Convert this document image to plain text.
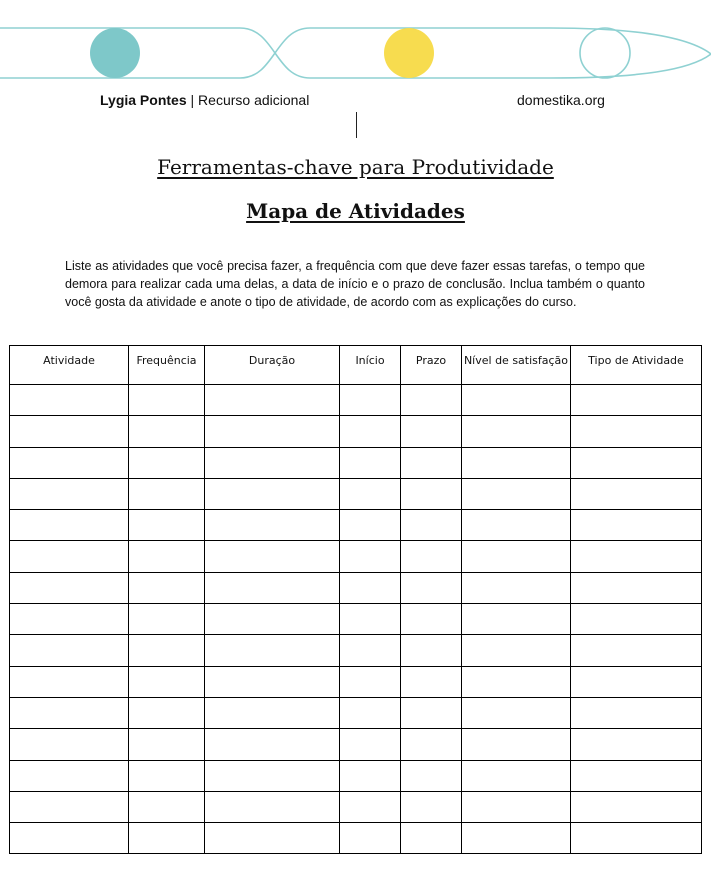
Lygia Pontes | Recurso adicional	domestika.org
Ferramentas-chave para Produtividade
Mapa de Atividades

Liste as atividades que você precisa fazer, a frequência com que deve fazer essas tarefas, o tempo que demora para realizar cada uma delas, a data de início e o prazo de conclusão. Inclua também o quanto você gosta da atividade e anote o tipo de atividade, de acordo com as explicações do curso.

Atividade	Frequência	Duração	Início	Prazo	Nível de satisfação	Tipo de Atividade
